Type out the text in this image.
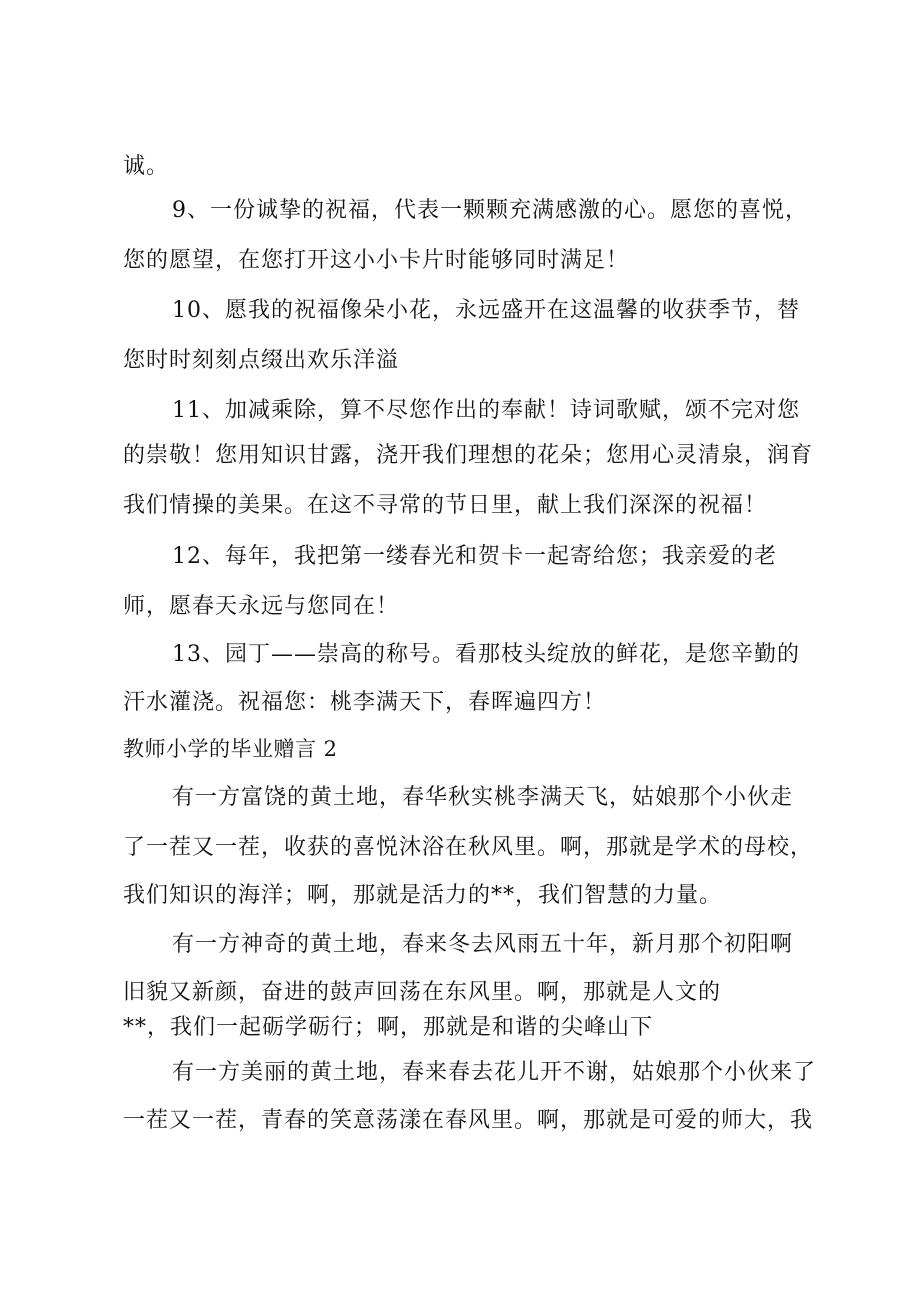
诚。
9、一份诚挚的祝福，代表一颗颗充满感激的心。愿您的喜悦，
您的愿望，在您打开这小小卡片时能够同时满足！
10、愿我的祝福像朵小花，永远盛开在这温馨的收获季节，替
您时时刻刻点缀出欢乐洋溢
11、加减乘除，算不尽您作出的奉献！诗词歌赋，颂不完对您
的崇敬！您用知识甘露，浇开我们理想的花朵；您用心灵清泉，润育
我们情操的美果。在这不寻常的节日里，献上我们深深的祝福！
12、每年，我把第一缕春光和贺卡一起寄给您；我亲爱的老
师，愿春天永远与您同在！
13、园丁——崇高的称号。看那枝头绽放的鲜花，是您辛勤的
汗水灌浇。祝福您：桃李满天下，春晖遍四方！
教师小学的毕业赠言 2
有一方富饶的黄土地，春华秋实桃李满天飞，姑娘那个小伙走
了一茬又一茬，收获的喜悦沐浴在秋风里。啊，那就是学术的母校，
我们知识的海洋；啊，那就是活力的**，我们智慧的力量。
有一方神奇的黄土地，春来冬去风雨五十年，新月那个初阳啊
旧貌又新颜，奋进的鼓声回荡在东风里。啊，那就是人文的
**，我们一起砺学砺行；啊，那就是和谐的尖峰山下
有一方美丽的黄土地，春来春去花儿开不谢，姑娘那个小伙来了
一茬又一茬，青春的笑意荡漾在春风里。啊，那就是可爱的师大，我
